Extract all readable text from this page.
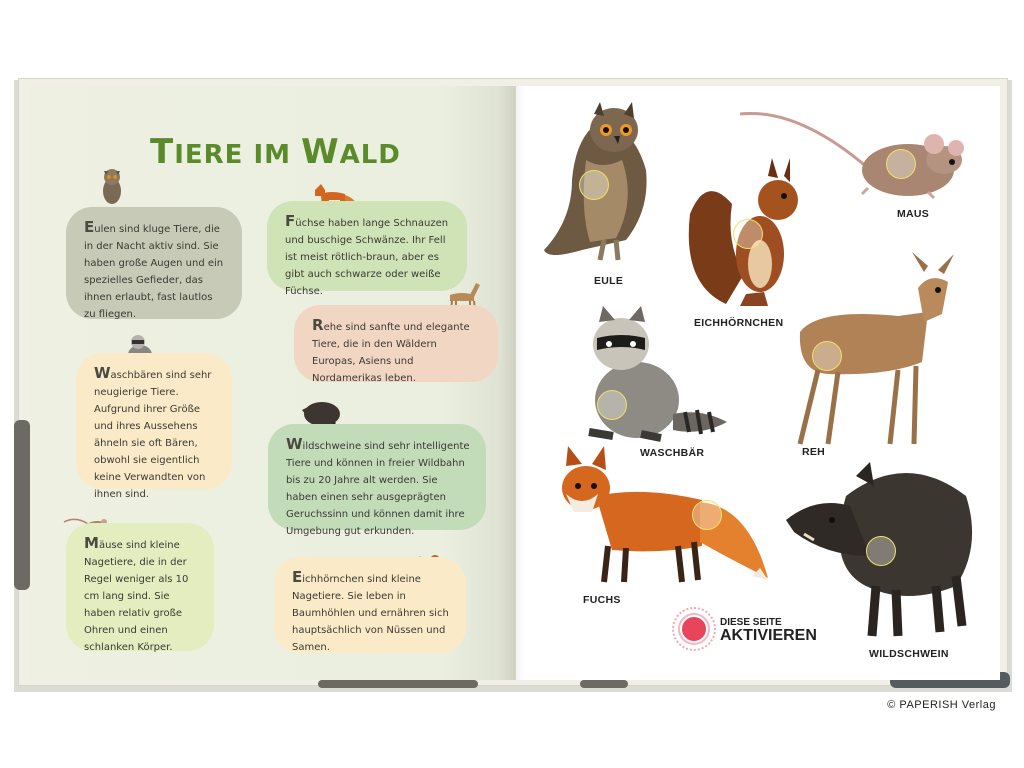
TIERE IM WALD
Eulen sind kluge Tiere, die in der Nacht aktiv sind. Sie haben große Augen und ein spezielles Gefieder, das ihnen erlaubt, fast lautlos zu fliegen.
Füchse haben lange Schnauzen und buschige Schwänze. Ihr Fell ist meist rötlich-braun, aber es gibt auch schwarze oder weiße Füchse.
Rehe sind sanfte und elegante Tiere, die in den Wäldern Europas, Asiens und Nordamerikas leben.
Waschbären sind sehr neugierige Tiere. Aufgrund ihrer Größe und ihres Aussehens ähneln sie oft Bären, obwohl sie eigentlich keine Verwandten von ihnen sind.
Wildschweine sind sehr intelligente Tiere und können in freier Wildbahn bis zu 20 Jahre alt werden. Sie haben einen sehr ausgeprägten Geruchssinn und können damit ihre Umgebung gut erkunden.
Mäuse sind kleine Nagetiere, die in der Regel weniger als 10 cm lang sind. Sie haben relativ große Ohren und einen schlanken Körper.
Eichhörnchen sind kleine Nagetiere. Sie leben in Baumhöhlen und ernähren sich hauptsächlich von Nüssen und Samen.
EULE
MAUS
EICHHÖRNCHEN
WASCHBÄR	REH
FUCHS
WILDSCHWEIN
DIESE SEITE
AKTIVIEREN
© PAPERISH Verlag
